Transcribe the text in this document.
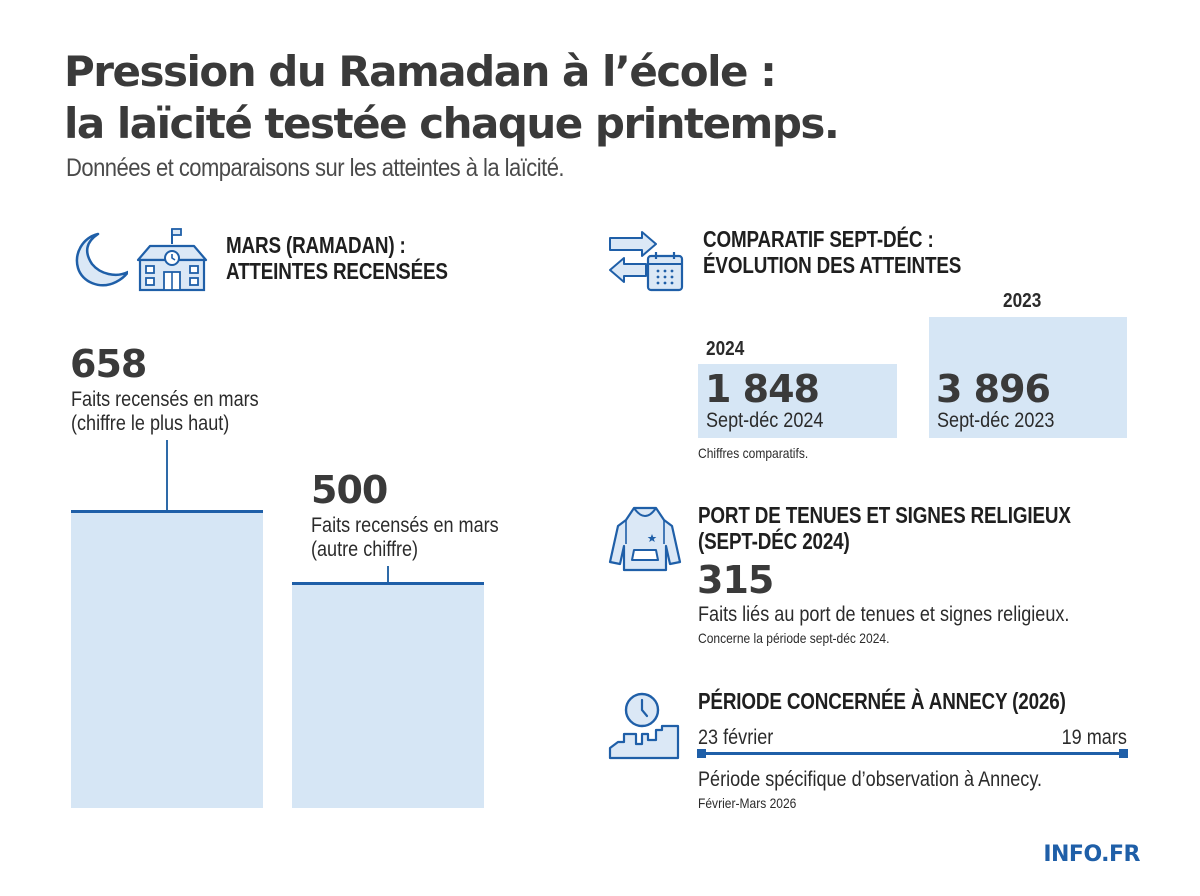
Pression du Ramadan à l’école :
la laïcité testée chaque printemps.
Données et comparaisons sur les atteintes à la laïcité.
MARS (RAMADAN) :
ATTEINTES RECENSÉES
658
Faits recensés en mars
(chiffre le plus haut)
500
Faits recensés en mars
(autre chiffre)
COMPARATIF SEPT-DÉC :
ÉVOLUTION DES ATTEINTES
2024
1 848
Sept-déc 2024
Chiffres comparatifs.
2023
3 896
Sept-déc 2023
PORT DE TENUES ET SIGNES RELIGIEUX
(SEPT-DÉC 2024)
315
Faits liés au port de tenues et signes religieux.
Concerne la période sept-déc 2024.
PÉRIODE CONCERNÉE À ANNECY (2026)
23 février	19 mars
Période spécifique d’observation à Annecy.
Février-Mars 2026
INFO.FR
